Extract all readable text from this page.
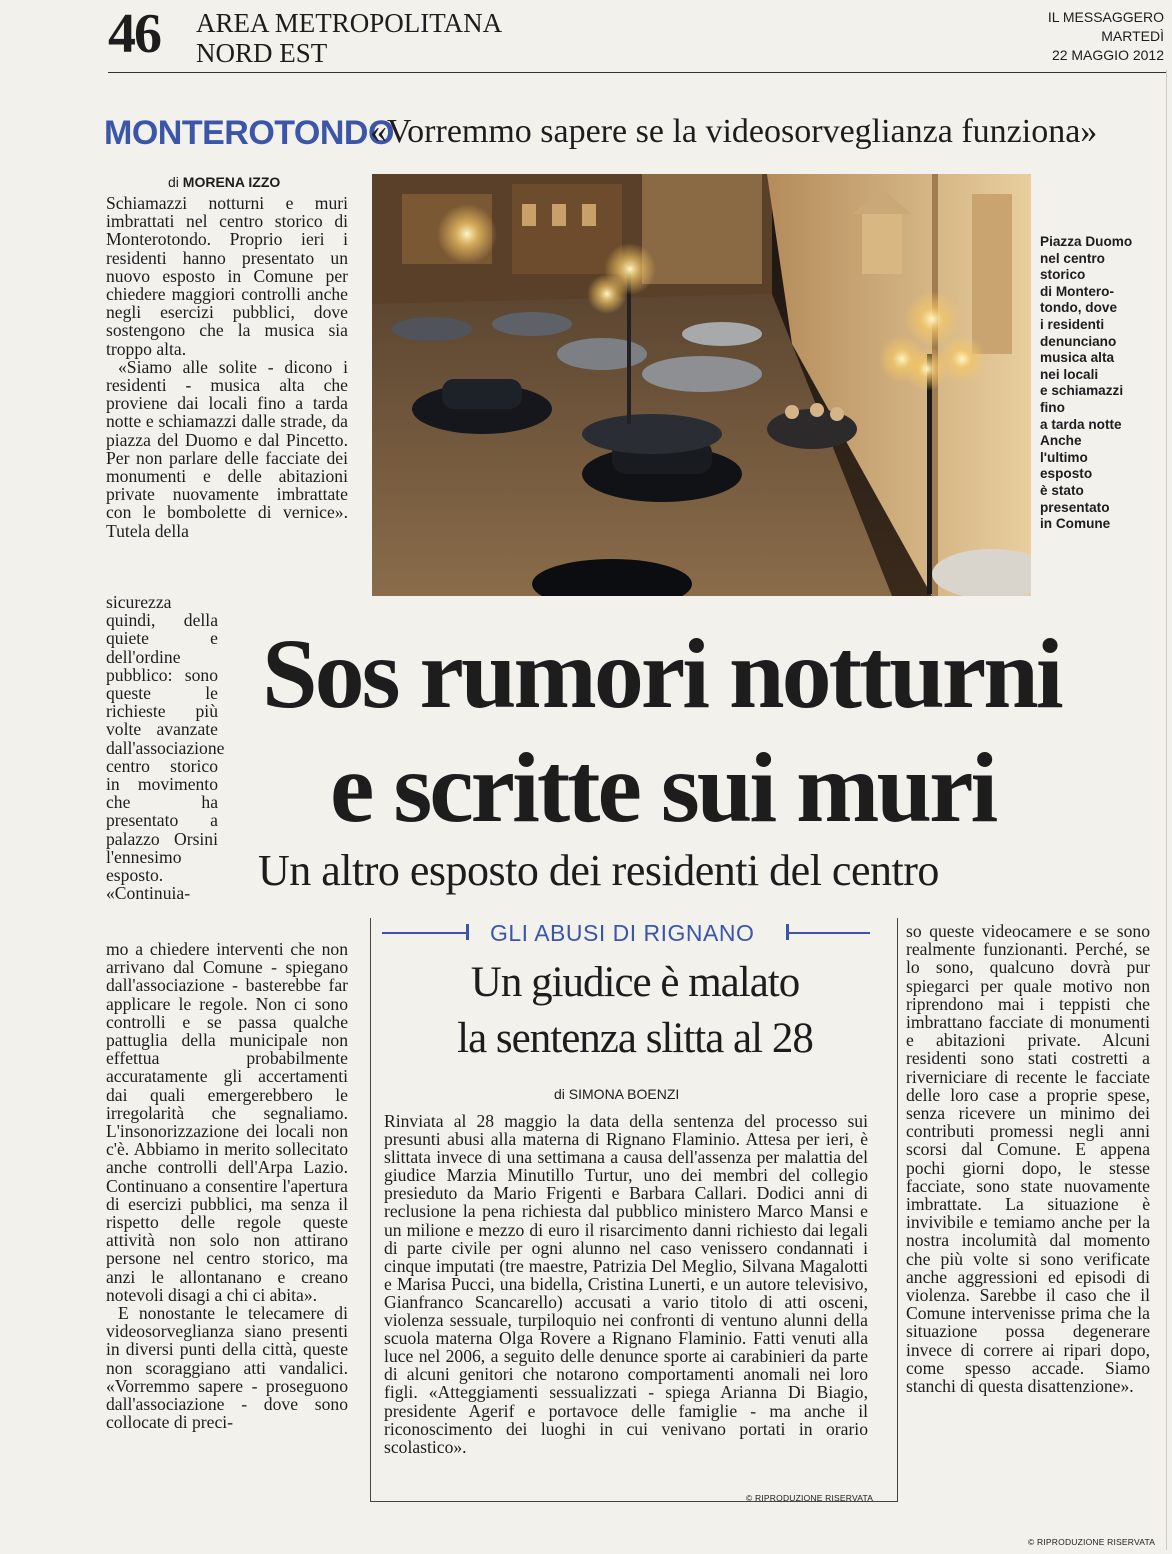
46 AREA METROPOLITANA
NORD EST
IL MESSAGGERO
MARTEDÌ
22 MAGGIO 2012
MONTEROTONDO
«Vorremmo sapere se la videosorveglianza funziona»
di MORENA IZZO

Schiamazzi notturni e muri imbrattati nel centro storico di Monterotondo. Proprio ieri i residenti hanno presentato un nuovo esposto in Comune per chiedere maggiori controlli anche negli esercizi pubblici, dove sostengono che la musica sia troppo alta.

«Siamo alle solite - dicono i residenti - musica alta che proviene dai locali fino a tarda notte e schiamazzi dalle strade, da piazza del Duomo e dal Pincetto. Per non parlare delle facciate dei monumenti e delle abitazioni private nuovamente imbrattate con le bombolette di vernice». Tutela della

sicurezza quindi, della quiete e dell'ordine pubblico: sono queste le richieste più volte avanzate dall'associazione centro storico in movimento che ha presentato a palazzo Orsini l'ennesimo esposto. «Continuia-

mo a chiedere interventi che non arrivano dal Comune - spiegano dall'associazione - basterebbe far applicare le regole. Non ci sono controlli e se passa qualche pattuglia della municipale non effettua probabilmente accuratamente gli accertamenti dai quali emergerebbero le irregolarità che segnaliamo. L'insonorizzazione dei locali non c'è. Abbiamo in merito sollecitato anche controlli dell'Arpa Lazio. Continuano a consentire l'apertura di esercizi pubblici, ma senza il rispetto delle regole queste attività non solo non attirano persone nel centro storico, ma anzi le allontanano e creano notevoli disagi a chi ci abita».

E nonostante le telecamere di videosorveglianza siano presenti in diversi punti della città, queste non scoraggiano atti vandalici. «Vorremmo sapere - proseguono dall'associazione - dove sono collocate di preci-

Piazza Duomo
nel centro
storico
di Montero-
tondo, dove
i residenti
denunciano
musica alta
nei locali
e schiamazzi
fino
a tarda notte
Anche
l'ultimo
esposto
è stato
presentato
in Comune
Sos rumori notturni
e scritte sui muri
Un altro esposto dei residenti del centro
GLI ABUSI DI RIGNANO
Un giudice è malato
la sentenza slitta al 28
di SIMONA BOENZI

Rinviata al 28 maggio la data della sentenza del processo sui presunti abusi alla materna di Rignano Flaminio. Attesa per ieri, è slittata invece di una settimana a causa dell'assenza per malattia del giudice Marzia Minutillo Turtur, uno dei membri del collegio presieduto da Mario Frigenti e Barbara Callari. Dodici anni di reclusione la pena richiesta dal pubblico ministero Marco Mansi e un milione e mezzo di euro il risarcimento danni richiesto dai legali di parte civile per ogni alunno nel caso venissero condannati i cinque imputati (tre maestre, Patrizia Del Meglio, Silvana Magalotti e Marisa Pucci, una bidella, Cristina Lunerti, e un autore televisivo, Gianfranco Scancarello) accusati a vario titolo di atti osceni, violenza sessuale, turpiloquio nei confronti di ventuno alunni della scuola materna Olga Rovere a Rignano Flaminio. Fatti venuti alla luce nel 2006, a seguito delle denunce sporte ai carabinieri da parte di alcuni genitori che notarono comportamenti anomali nei loro figli. «Atteggiamenti sessualizzati - spiega Arianna Di Biagio, presidente Agerif e portavoce delle famiglie - ma anche il riconoscimento dei luoghi in cui venivano portati in orario scolastico».

© RIPRODUZIONE RISERVATA

so queste videocamere e se sono realmente funzionanti. Perché, se lo sono, qualcuno dovrà pur spiegarci per quale motivo non riprendono mai i teppisti che imbrattano facciate di monumenti e abitazioni private. Alcuni residenti sono stati costretti a riverniciare di recente le facciate delle loro case a proprie spese, senza ricevere un minimo dei contributi promessi negli anni scorsi dal Comune. E appena pochi giorni dopo, le stesse facciate, sono state nuovamente imbrattate. La situazione è invivibile e temiamo anche per la nostra incolumità dal momento che più volte si sono verificate anche aggressioni ed episodi di violenza. Sarebbe il caso che il Comune intervenisse prima che la situazione possa degenerare invece di correre ai ripari dopo, come spesso accade. Siamo stanchi di questa disattenzione».

© RIPRODUZIONE RISERVATA
